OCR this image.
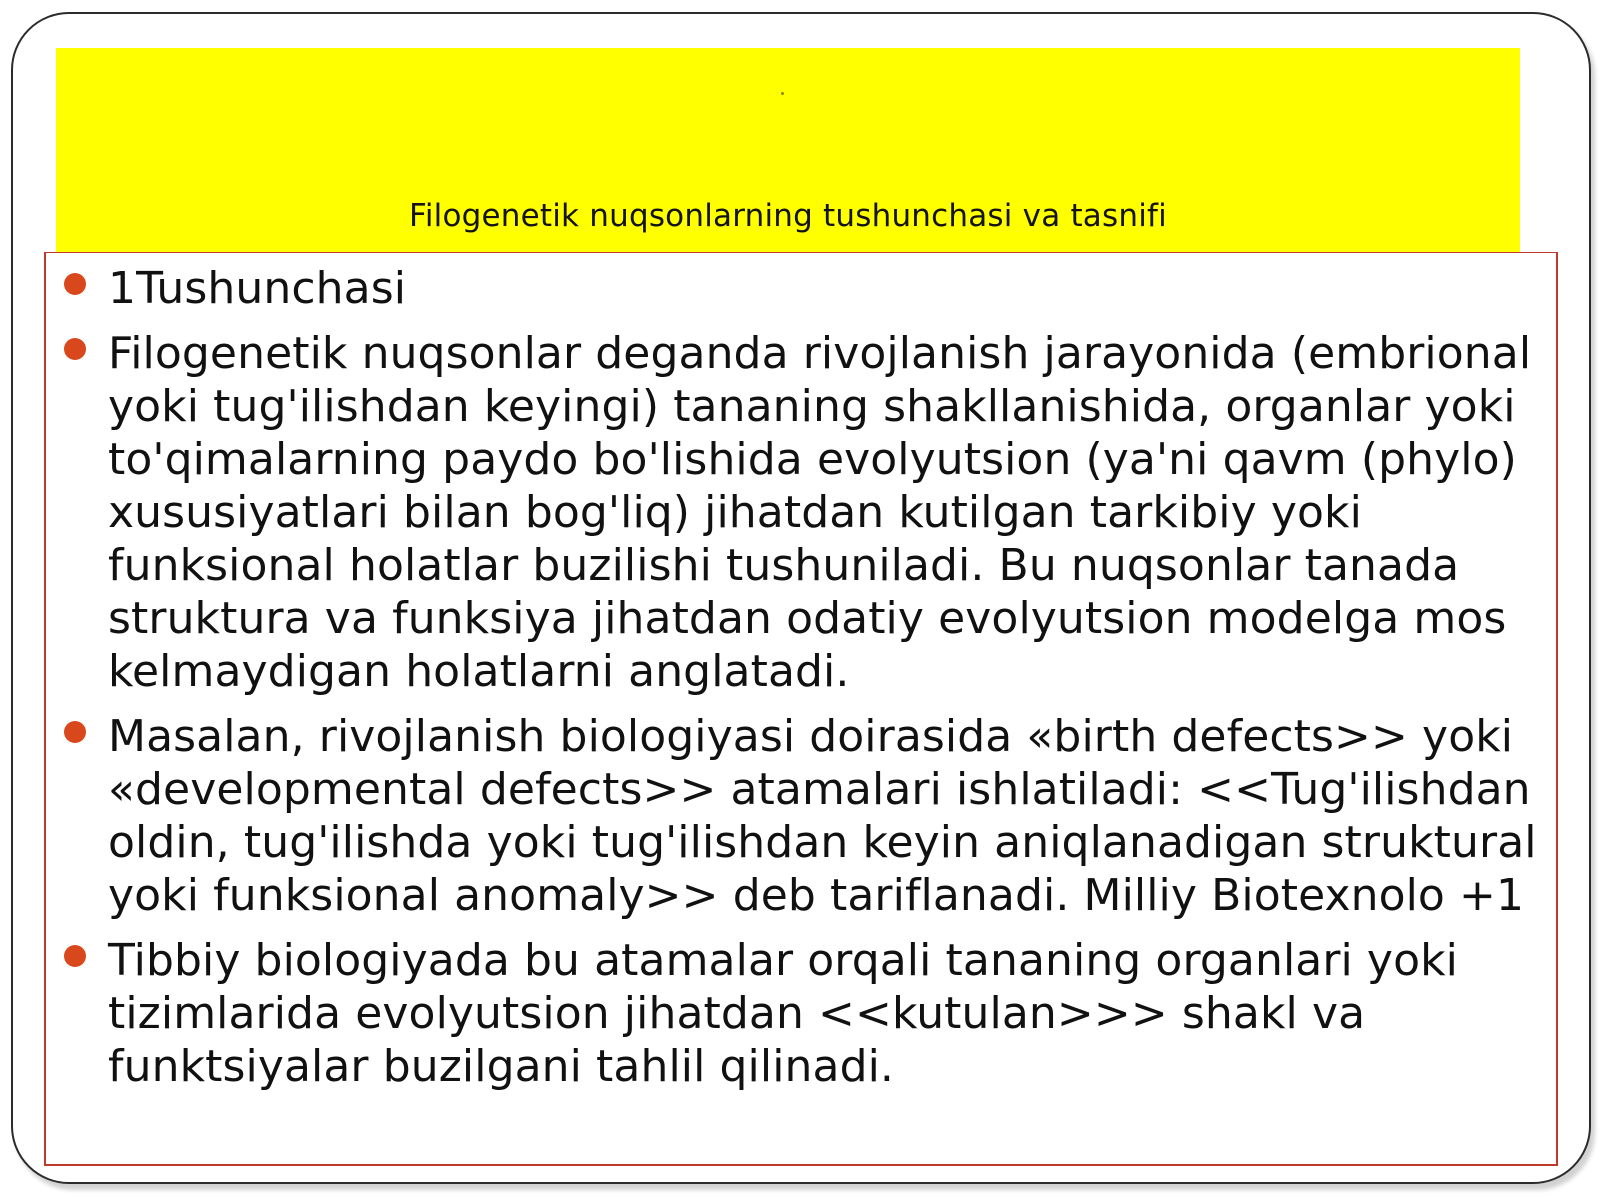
Filogenetik nuqsonlarning tushunchasi va tasnifi
1Tushunchasi
Filogenetik nuqsonlar deganda rivojlanish jarayonida (embrional yoki tug'ilishdan keyingi) tananing shakllanishida, organlar yoki to'qimalarning paydo bo'lishida evolyutsion (ya'ni qavm (phylo) xususiyatlari bilan bog'liq) jihatdan kutilgan tarkibiy yoki funksional holatlar buzilishi tushuniladi. Bu nuqsonlar tanada struktura va funksiya jihatdan odatiy evolyutsion modelga mos kelmaydigan holatlarni anglatadi.
Masalan, rivojlanish biologiyasi doirasida «birth defects>> yoki «developmental defects>> atamalari ishlatiladi: <<Tug'ilishdan oldin, tug'ilishda yoki tug'ilishdan keyin aniqlanadigan struktural yoki funksional anomaly>> deb tariflanadi. Milliy Biotexnolo +1
Tibbiy biologiyada bu atamalar orqali tananing organlari yoki tizimlarida evolyutsion jihatdan <<kutulan>>> shakl va funktsiyalar buzilgani tahlil qilinadi.
